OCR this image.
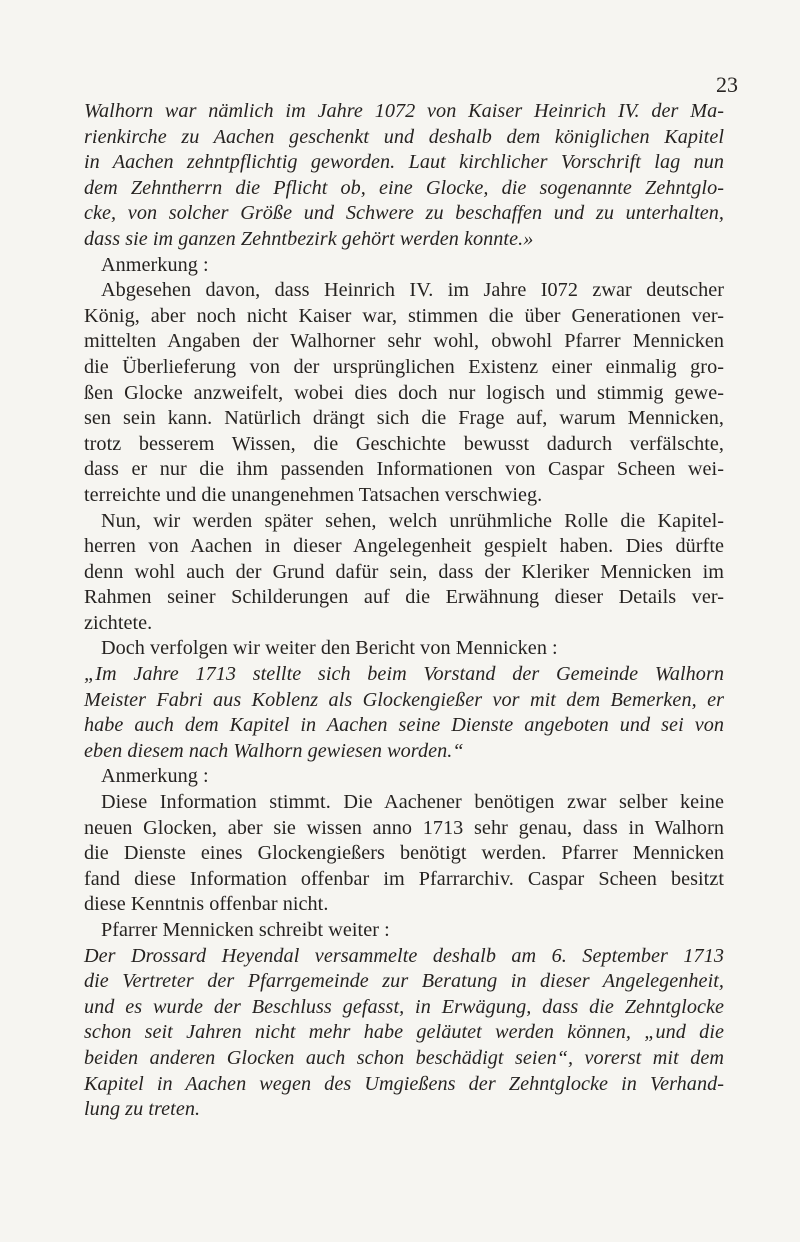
23
Walhorn war nämlich im Jahre 1072 von Kaiser Heinrich IV. der Ma-
rienkirche zu Aachen geschenkt und deshalb dem königlichen Kapitel
in Aachen zehntpflichtig geworden. Laut kirchlicher Vorschrift lag nun
dem Zehntherrn die Pflicht ob, eine Glocke, die sogenannte Zehntglo-
cke, von solcher Größe und Schwere zu beschaffen und zu unterhalten,
dass sie im ganzen Zehntbezirk gehört werden konnte.»
Anmerkung :
Abgesehen davon, dass Heinrich IV. im Jahre I072 zwar deutscher
König, aber noch nicht Kaiser war, stimmen die über Generationen ver-
mittelten Angaben der Walhorner sehr wohl, obwohl Pfarrer Mennicken
die Überlieferung von der ursprünglichen Existenz einer einmalig gro-
ßen Glocke anzweifelt, wobei dies doch nur logisch und stimmig gewe-
sen sein kann. Natürlich drängt sich die Frage auf, warum Mennicken,
trotz besserem Wissen, die Geschichte bewusst dadurch verfälschte,
dass er nur die ihm passenden Informationen von Caspar Scheen wei-
terreichte und die unangenehmen Tatsachen verschwieg.
Nun, wir werden später sehen, welch unrühmliche Rolle die Kapitel-
herren von Aachen in dieser Angelegenheit gespielt haben. Dies dürfte
denn wohl auch der Grund dafür sein, dass der Kleriker Mennicken im
Rahmen seiner Schilderungen auf die Erwähnung dieser Details ver-
zichtete.
Doch verfolgen wir weiter den Bericht von Mennicken :
„Im Jahre 1713 stellte sich beim Vorstand der Gemeinde Walhorn
Meister Fabri aus Koblenz als Glockengießer vor mit dem Bemerken, er
habe auch dem Kapitel in Aachen seine Dienste angeboten und sei von
eben diesem nach Walhorn gewiesen worden.“
Anmerkung :
Diese Information stimmt. Die Aachener benötigen zwar selber keine
neuen Glocken, aber sie wissen anno 1713 sehr genau, dass in Walhorn
die Dienste eines Glockengießers benötigt werden. Pfarrer Mennicken
fand diese Information offenbar im Pfarrarchiv. Caspar Scheen besitzt
diese Kenntnis offenbar nicht.
Pfarrer Mennicken schreibt weiter :
Der Drossard Heyendal versammelte deshalb am 6. September 1713
die Vertreter der Pfarrgemeinde zur Beratung in dieser Angelegenheit,
und es wurde der Beschluss gefasst, in Erwägung, dass die Zehntglocke
schon seit Jahren nicht mehr habe geläutet werden können, „und die
beiden anderen Glocken auch schon beschädigt seien“, vorerst mit dem
Kapitel in Aachen wegen des Umgießens der Zehntglocke in Verhand-
lung zu treten.
